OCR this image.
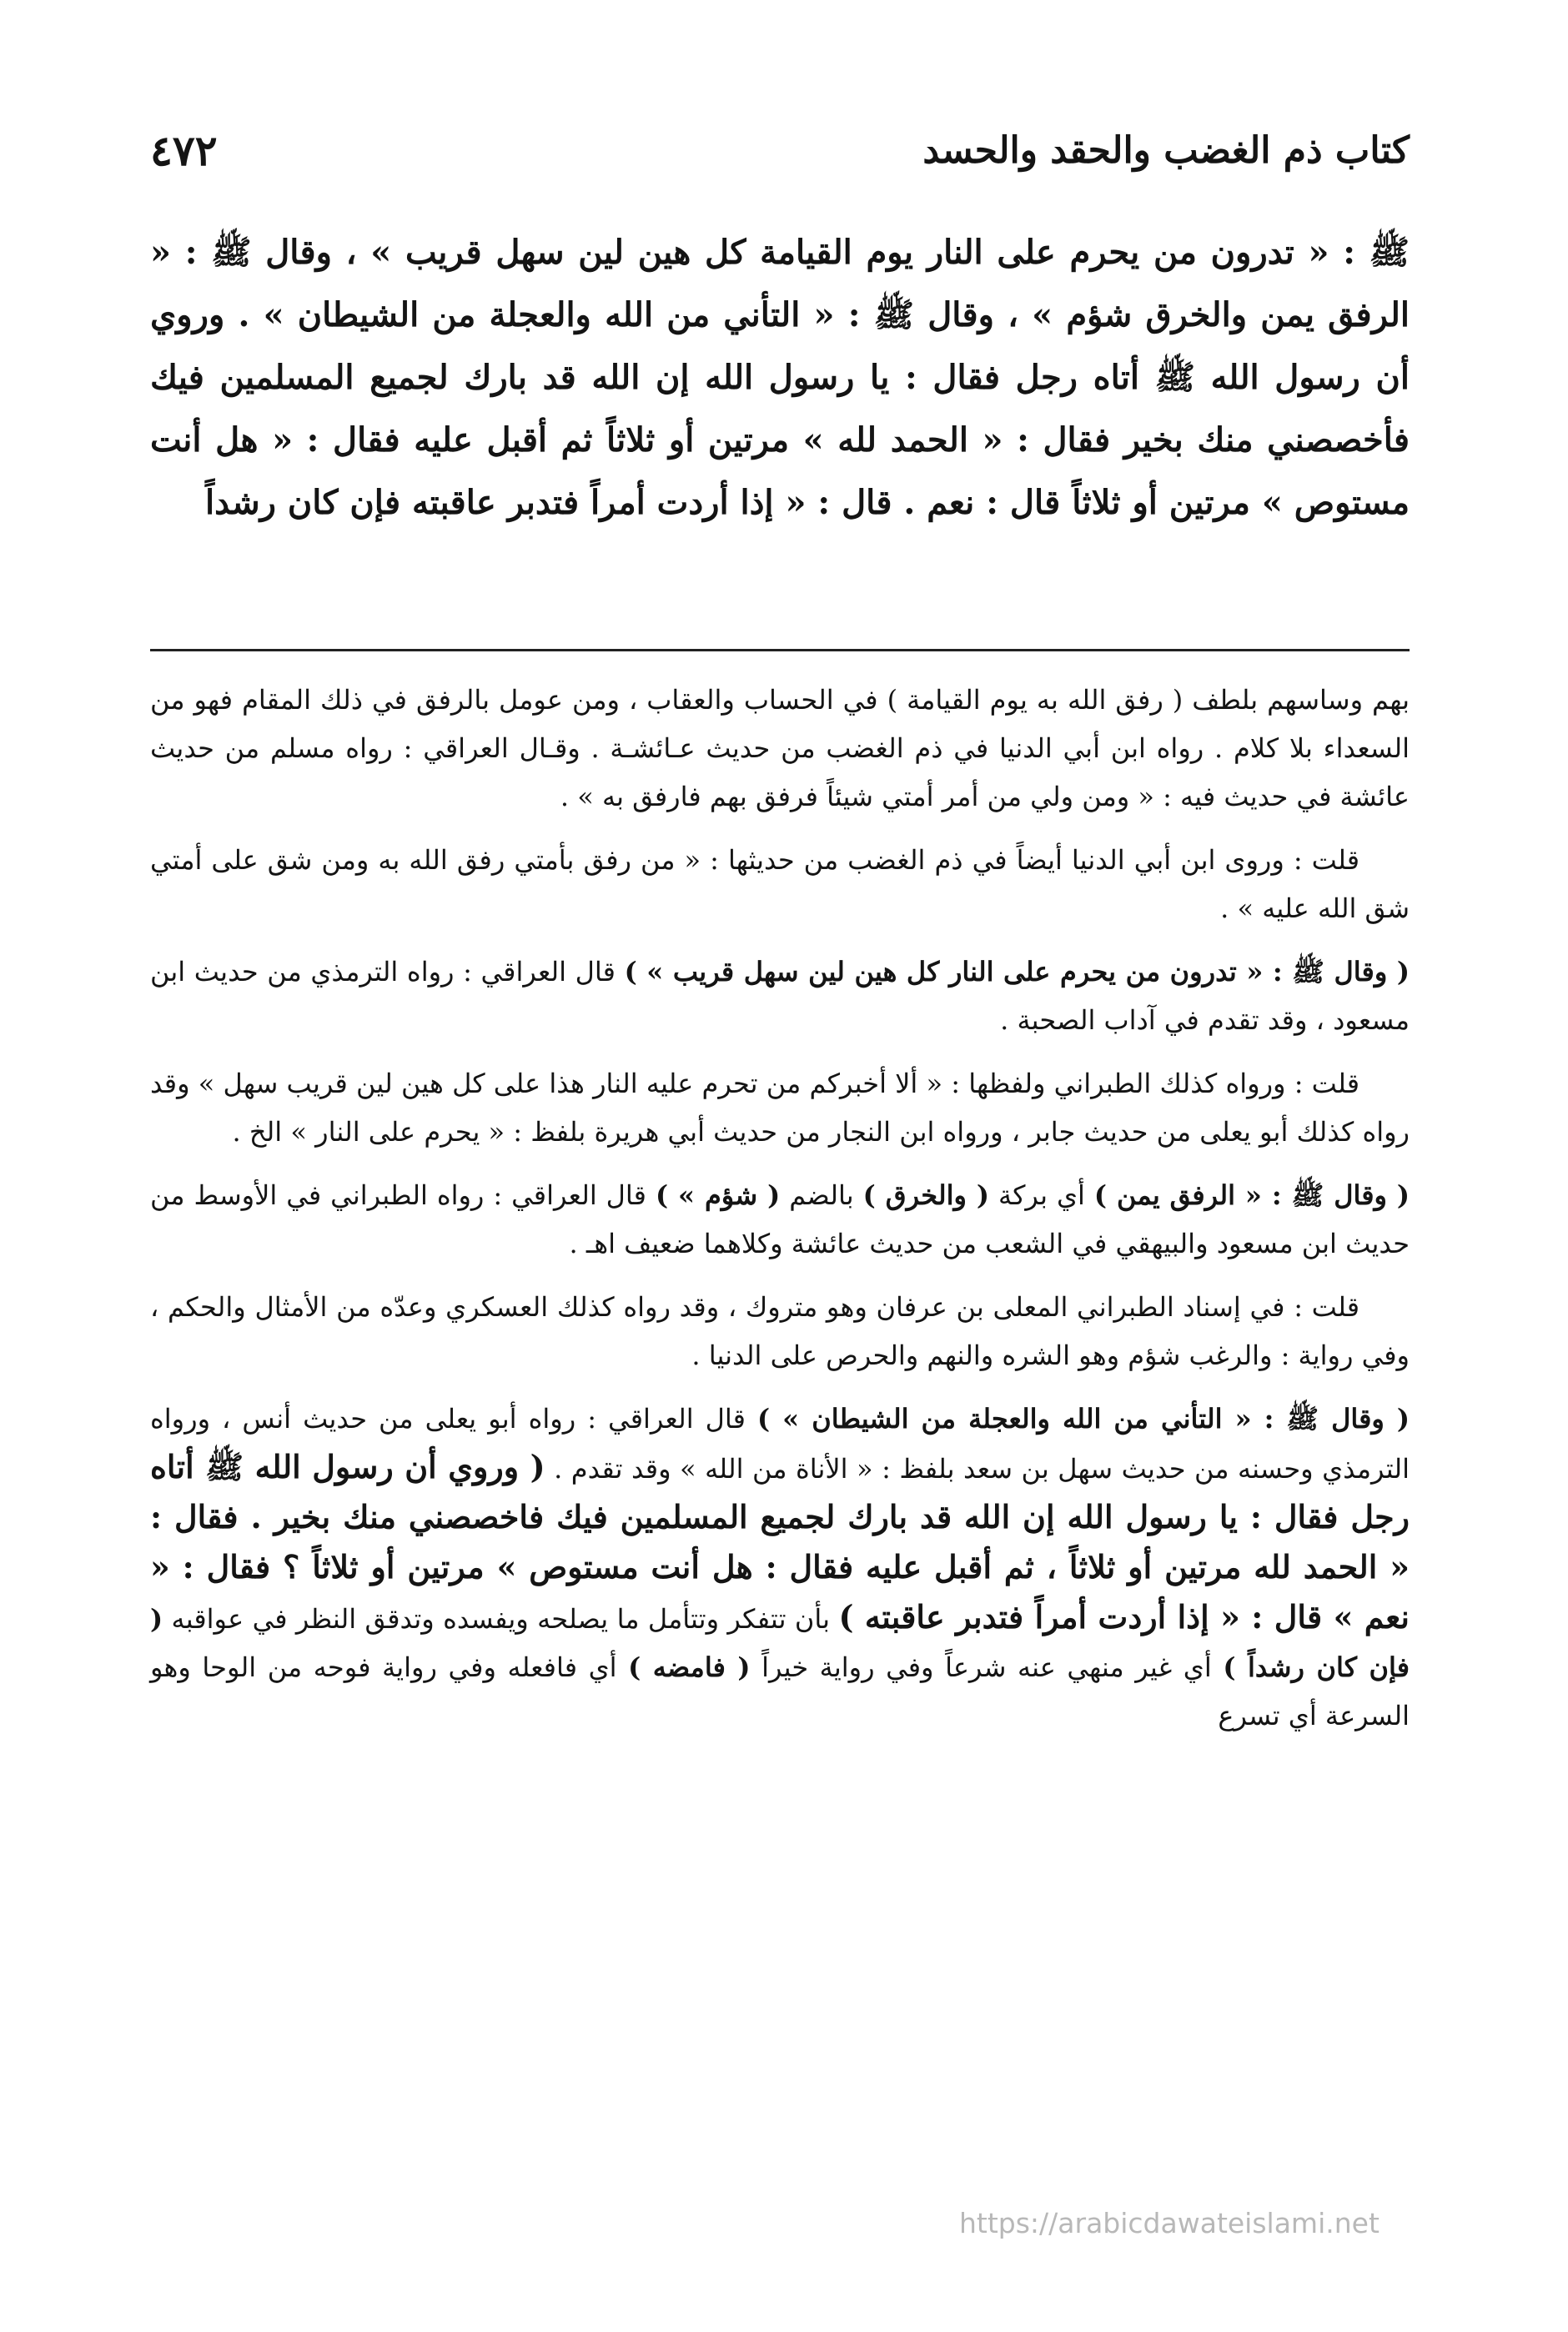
كتاب ذم الغضب والحقد والحسد
٤٧٢

ﷺ : « تدرون من يحرم على النار يوم القيامة كل هين لين سهل قريب » ، وقال ﷺ : « الرفق يمن والخرق شؤم » ، وقال ﷺ : « التأني من الله والعجلة من الشيطان » . وروي أن رسول الله ﷺ أتاه رجل فقال : يا رسول الله إن الله قد بارك لجميع المسلمين فيك فأخصصني منك بخير فقال : « الحمد لله » مرتين أو ثلاثاً ثم أقبل عليه فقال : « هل أنت مستوص » مرتين أو ثلاثاً قال : نعم . قال : « إذا أردت أمراً فتدبر عاقبته فإن كان رشداً

بهم وساسهم بلطف ( رفق الله به يوم القيامة ) في الحساب والعقاب ، ومن عومل بالرفق في ذلك المقام فهو من السعداء بلا كلام . رواه ابن أبي الدنيا في ذم الغضب من حديث عـائشـة . وقـال العراقي : رواه مسلم من حديث عائشة في حديث فيه : « ومن ولي من أمر أمتي شيئاً فرفق بهم فارفق به » .

قلت : وروى ابن أبي الدنيا أيضاً في ذم الغضب من حديثها : « من رفق بأمتي رفق الله به ومن شق على أمتي شق الله عليه » .

( وقال ﷺ : « تدرون من يحرم على النار كل هين لين سهل قريب » ) قال العراقي : رواه الترمذي من حديث ابن مسعود ، وقد تقدم في آداب الصحبة .

قلت : ورواه كذلك الطبراني ولفظها : « ألا أخبركم من تحرم عليه النار هذا على كل هين لين قريب سهل » وقد رواه كذلك أبو يعلى من حديث جابر ، ورواه ابن النجار من حديث أبي هريرة بلفظ : « يحرم على النار » الخ .

( وقال ﷺ : « الرفق يمن ) أي بركة ( والخرق ) بالضم ( شؤم » ) قال العراقي : رواه الطبراني في الأوسط من حديث ابن مسعود والبيهقي في الشعب من حديث عائشة وكلاهما ضعيف اهـ .

قلت : في إسناد الطبراني المعلى بن عرفان وهو متروك ، وقد رواه كذلك العسكري وعدّه من الأمثال والحكم ، وفي رواية : والرغب شؤم وهو الشره والنهم والحرص على الدنيا .

( وقال ﷺ : « التأني من الله والعجلة من الشيطان » ) قال العراقي : رواه أبو يعلى من حديث أنس ، ورواه الترمذي وحسنه من حديث سهل بن سعد بلفظ : « الأناة من الله » وقد تقدم . ( وروي أن رسول الله ﷺ أتاه رجل فقال : يا رسول الله إن الله قد بارك لجميع المسلمين فيك فاخصصني منك بخير . فقال : « الحمد لله مرتين أو ثلاثاً ، ثم أقبل عليه فقال : هل أنت مستوص » مرتين أو ثلاثاً ؟ فقال : « نعم » قال : « إذا أردت أمراً فتدبر عاقبته ) بأن تتفكر وتتأمل ما يصلحه ويفسده وتدقق النظر في عواقبه ( فإن كان رشداً ) أي غير منهي عنه شرعاً وفي رواية خيراً ( فامضه ) أي فافعله وفي رواية فوحه من الوحا وهو السرعة أي تسرع

https://arabicdawateislami.net
